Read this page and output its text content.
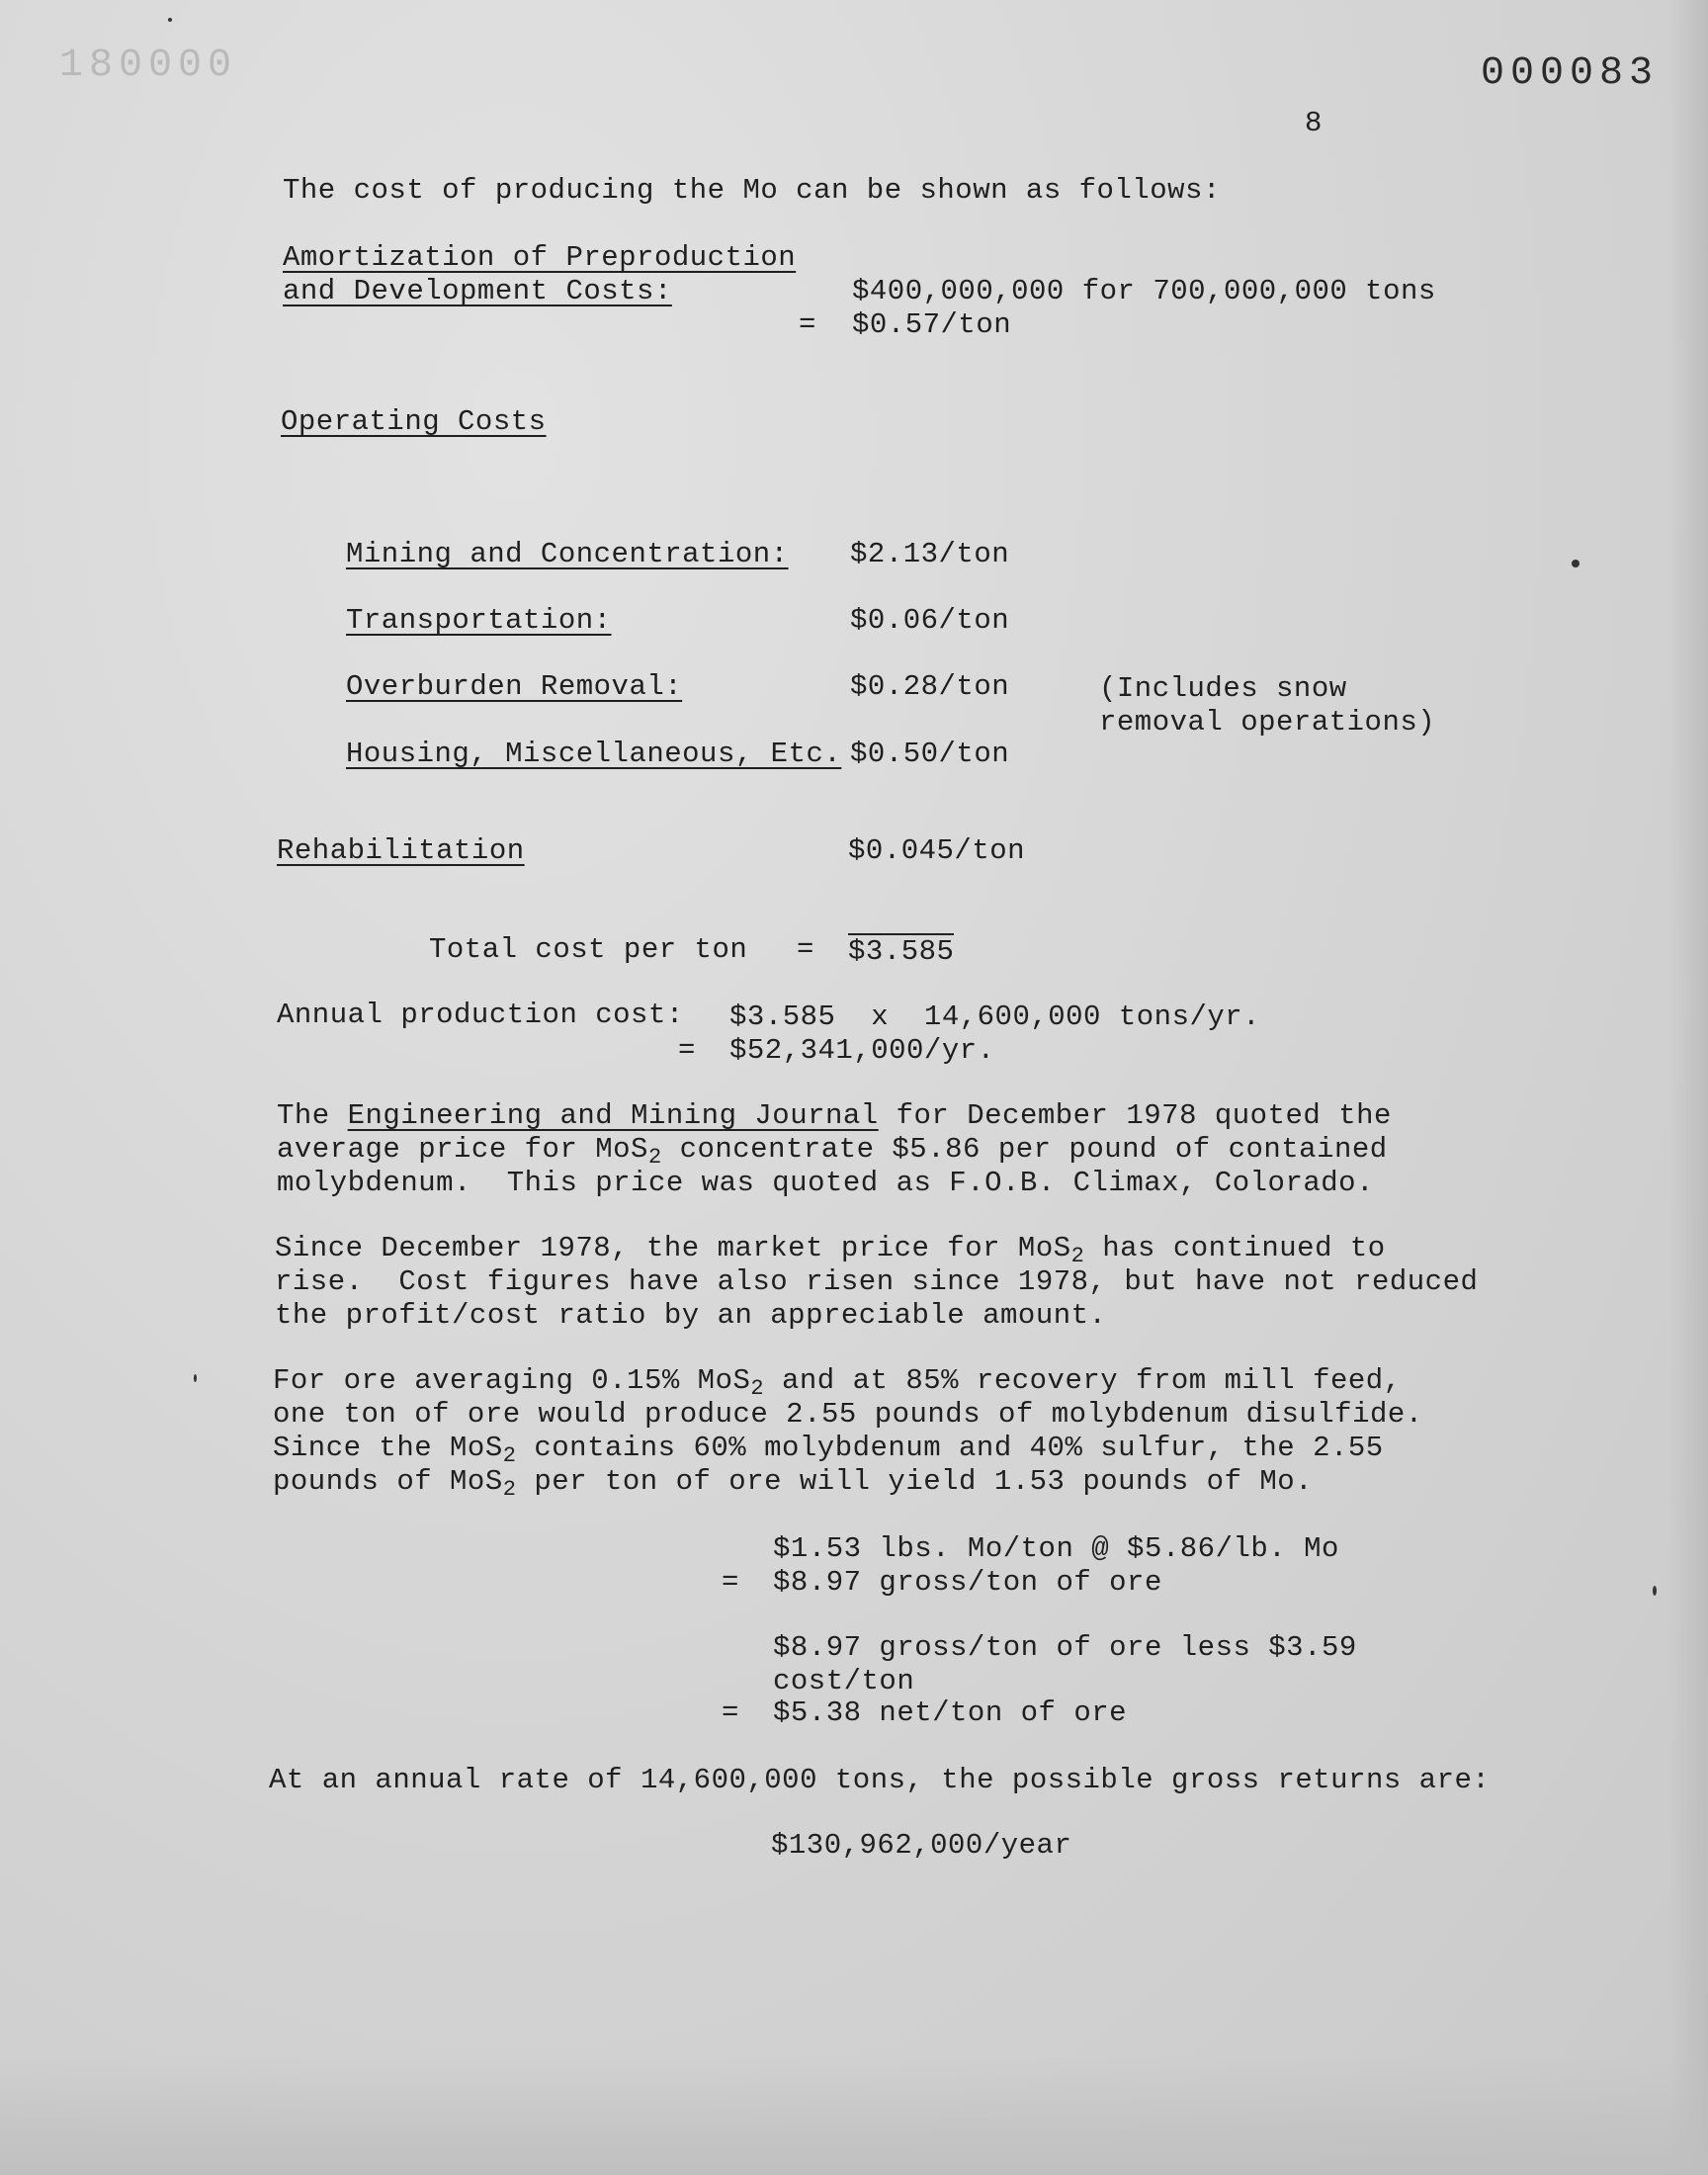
180000	000083
8
The cost of producing the Mo can be shown as follows:
Amortization of Preproduction
and Development Costs:	$400,000,000 for 700,000,000 tons
= $0.57/ton
Operating Costs
Mining and Concentration: $2.13/ton
Transportation:	$0.06/ton
Overburden Removal:	$0.28/ton	(Includes snow
removal operations)
Housing, Miscellaneous, Etc. $0.50/ton
Rehabilitation	$0.045/ton
Total cost per ton = $3.585
Annual production cost: $3.585  x  14,600,000 tons/yr.
= $52,341,000/yr.
The Engineering and Mining Journal for December 1978 quoted the
average price for MoS$_2$ concentrate $5.86 per pound of contained
molybdenum.  This price was quoted as F.O.B. Climax, Colorado.
Since December 1978, the market price for MoS$_2$ has continued to
rise.  Cost figures have also risen since 1978, but have not reduced
the profit/cost ratio by an appreciable amount.
For ore averaging 0.15% MoS$_2$ and at 85% recovery from mill feed,
one ton of ore would produce 2.55 pounds of molybdenum disulfide.
Since the MoS$_2$ contains 60% molybdenum and 40% sulfur, the 2.55
pounds of MoS$_2$ per ton of ore will yield 1.53 pounds of Mo.
$1.53 lbs. Mo/ton @ $5.86/lb. Mo
= $8.97 gross/ton of ore
$8.97 gross/ton of ore less $3.59
cost/ton
= $5.38 net/ton of ore
At an annual rate of 14,600,000 tons, the possible gross returns are:
$130,962,000/year
